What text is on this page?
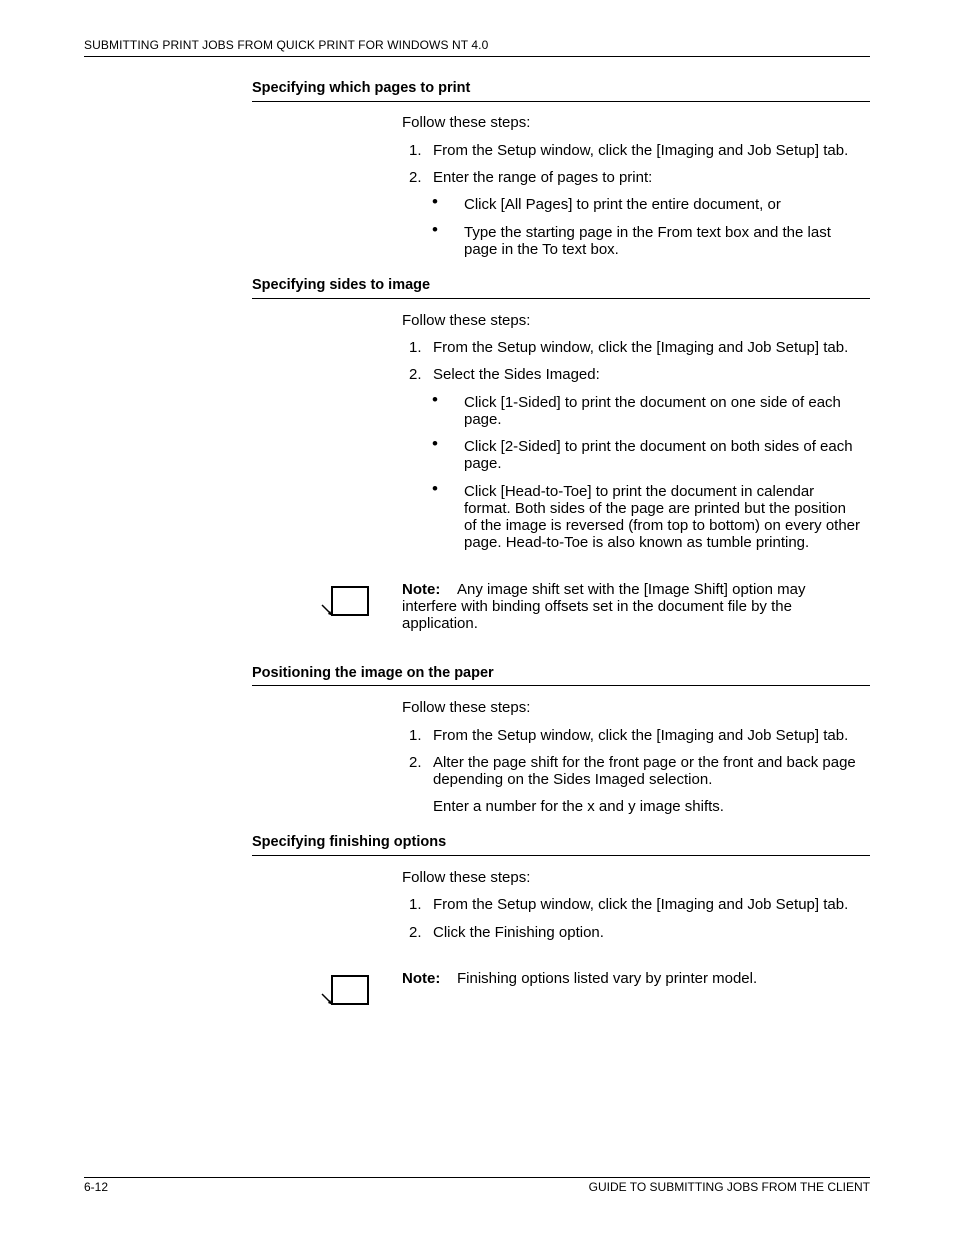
SUBMITTING PRINT JOBS FROM QUICK PRINT FOR WINDOWS NT 4.0
Specifying which pages to print
Follow these steps:
1. From the Setup window, click the [Imaging and Job Setup] tab.
2. Enter the range of pages to print:
• Click [All Pages] to print the entire document, or
• Type the starting page in the From text box and the last
page in the To text box.
Specifying sides to image
Follow these steps:
1. From the Setup window, click the [Imaging and Job Setup] tab.
2. Select the Sides Imaged:
• Click [1-Sided] to print the document on one side of each
page.
• Click [2-Sided] to print the document on both sides of each
page.
• Click [Head-to-Toe] to print the document in calendar
format. Both sides of the page are printed but the position
of the image is reversed (from top to bottom) on every other
page. Head-to-Toe is also known as tumble printing.
Note: Any image shift set with the [Image Shift] option may
interfere with binding offsets set in the document file by the
application.
Positioning the image on the paper
Follow these steps:
1. From the Setup window, click the [Imaging and Job Setup] tab.
2. Alter the page shift for the front page or the front and back page
depending on the Sides Imaged selection.
Enter a number for the x and y image shifts.
Specifying finishing options
Follow these steps:
1. From the Setup window, click the [Imaging and Job Setup] tab.
2. Click the Finishing option.
Note: Finishing options listed vary by printer model.
6-12	GUIDE TO SUBMITTING JOBS FROM THE CLIENT
